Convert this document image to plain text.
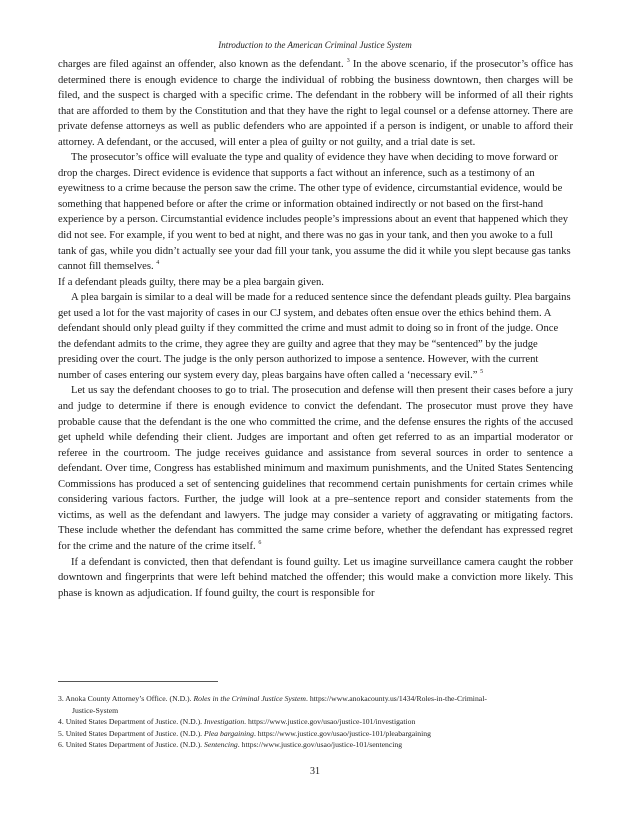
Introduction to the American Criminal Justice System

charges are filed against an offender, also known as the defendant. $^3$ In the above scenario, if the prosecutor’s office has determined there is enough evidence to charge the individual of robbing the business downtown, then charges will be filed, and the suspect is charged with a specific crime. The defendant in the robbery will be informed of all their rights that are afforded to them by the Constitution and that they have the right to legal counsel or a defense attorney. There are private defense attorneys as well as public defenders who are appointed if a person is indigent, or unable to afford their attorney. A defendant, or the accused, will enter a plea of guilty or not guilty, and a trial date is set.

The prosecutor’s office will evaluate the type and quality of evidence they have when deciding to move forward or drop the charges. Direct evidence is evidence that supports a fact without an inference, such as a testimony of an eyewitness to a crime because the person saw the crime. The other type of evidence, circumstantial evidence, would be something that happened before or after the crime or information obtained indirectly or not based on the first-hand experience by a person. Circumstantial evidence includes people’s impressions about an event that happened which they did not see. For example, if you went to bed at night, and there was no gas in your tank, and then you awoke to a full tank of gas, while you didn’t actually see your dad fill your tank, you assume the did it while you slept because gas tanks cannot fill themselves. $^4$

If a defendant pleads guilty, there may be a plea bargain given.

A plea bargain is similar to a deal will be made for a reduced sentence since the defendant pleads guilty. Plea bargains get used a lot for the vast majority of cases in our CJ system, and debates often ensue over the ethics behind them. A defendant should only plead guilty if they committed the crime and must admit to doing so in front of the judge. Once the defendant admits to the crime, they agree they are guilty and agree that they may be “sentenced” by the judge presiding over the court. The judge is the only person authorized to impose a sentence. However, with the current number of cases entering our system every day, pleas bargains have often called a ‘necessary evil.” $^5$

Let us say the defendant chooses to go to trial. The prosecution and defense will then present their cases before a jury and judge to determine if there is enough evidence to convict the defendant. The prosecutor must prove they have probable cause that the defendant is the one who committed the crime, and the defense ensures the rights of the accused get upheld while defending their client. Judges are important and often get referred to as an impartial moderator or referee in the courtroom. The judge receives guidance and assistance from several sources in order to sentence a defendant. Over time, Congress has established minimum and maximum punishments, and the United States Sentencing Commissions has produced a set of sentencing guidelines that recommend certain punishments for certain crimes while considering various factors. Further, the judge will look at a pre–sentence report and consider statements from the victims, as well as the defendant and lawyers. The judge may consider a variety of aggravating or mitigating factors. These include whether the defendant has committed the same crime before, whether the defendant has expressed regret for the crime and the nature of the crime itself. $^6$

If a defendant is convicted, then that defendant is found guilty. Let us imagine surveillance camera caught the robber downtown and fingerprints that were left behind matched the offender; this would make a conviction more likely. This phase is known as adjudication. If found guilty, the court is responsible for

3. Anoka County Attorney’s Office. (N.D.). Roles in the Criminal Justice System. https://www.anokacounty.us/1434/Roles-in-the-Criminal-
Justice-System
4. United States Department of Justice. (N.D.). Investigation. https://www.justice.gov/usao/justice-101/investigation
5. United States Department of Justice. (N.D.). Plea bargaining. https://www.justice.gov/usao/justice-101/pleabargaining
6. United States Department of Justice. (N.D.). Sentencing. https://www.justice.gov/usao/justice-101/sentencing
31
